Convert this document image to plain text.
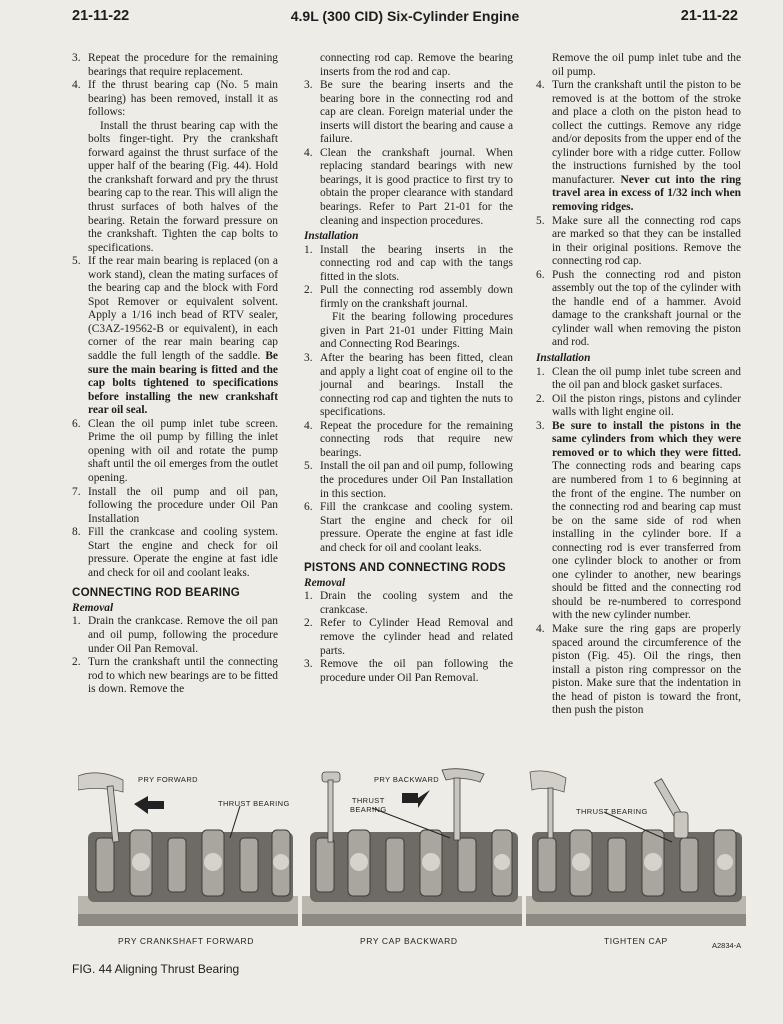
21-11-22	4.9L (300 CID) Six-Cylinder Engine	21-11-22

3. Repeat the procedure for the remaining bearings that require replacement.

4. If the thrust bearing cap (No. 5 main bearing) has been removed, install it as follows:

Install the thrust bearing cap with the bolts finger-tight. Pry the crankshaft forward against the thrust surface of the upper half of the bearing (Fig. 44). Hold the crankshaft forward and pry the thrust bearing cap to the rear. This will align the thrust surfaces of both halves of the bearing. Retain the forward pressure on the crankshaft. Tighten the cap bolts to specifications.

5. If the rear main bearing is replaced (on a work stand), clean the mating surfaces of the bearing cap and the block with Ford Spot Remover or equivalent solvent. Apply a 1/16 inch bead of RTV sealer, (C3AZ-19562-B or equivalent), in each corner of the rear main bearing cap saddle the full length of the saddle. Be sure the main bearing is fitted and the cap bolts tightened to specifications before installing the new crankshaft rear oil seal.

6. Clean the oil pump inlet tube screen. Prime the oil pump by filling the inlet opening with oil and rotate the pump shaft until the oil emerges from the outlet opening.

7. Install the oil pump and oil pan, following the procedure under Oil Pan Installation

8. Fill the crankcase and cooling system. Start the engine and check for oil pressure. Operate the engine at fast idle and check for oil and coolant leaks.

CONNECTING ROD BEARING

Removal

1. Drain the crankcase. Remove the oil pan and oil pump, following the procedure under Oil Pan Removal.

2. Turn the crankshaft until the connecting rod to which new bearings are to be fitted is down. Remove the

connecting rod cap. Remove the bearing inserts from the rod and cap.

3. Be sure the bearing inserts and the bearing bore in the connecting rod and cap are clean. Foreign material under the inserts will distort the bearing and cause a failure.

4. Clean the crankshaft journal. When replacing standard bearings with new bearings, it is good practice to first try to obtain the proper clearance with standard bearings. Refer to Part 21-01 for the cleaning and inspection procedures.

Installation

1. Install the bearing inserts in the connecting rod and cap with the tangs fitted in the slots.

2. Pull the connecting rod assembly down firmly on the crankshaft journal.

Fit the bearing following procedures given in Part 21-01 under Fitting Main and Connecting Rod Bearings.

3. After the bearing has been fitted, clean and apply a light coat of engine oil to the journal and bearings. Install the connecting rod cap and tighten the nuts to specifications.

4. Repeat the procedure for the remaining connecting rods that require new bearings.

5. Install the oil pan and oil pump, following the procedures under Oil Pan Installation in this section.

6. Fill the crankcase and cooling system. Start the engine and check for oil pressure. Operate the engine at fast idle and check for oil and coolant leaks.

PISTONS AND CONNECTING RODS

Removal

1. Drain the cooling system and the crankcase.

2. Refer to Cylinder Head Removal and remove the cylinder head and related parts.

3. Remove the oil pan following the procedure under Oil Pan Removal.

Remove the oil pump inlet tube and the oil pump.

4. Turn the crankshaft until the piston to be removed is at the bottom of the stroke and place a cloth on the piston head to collect the cuttings. Remove any ridge and/or deposits from the upper end of the cylinder bore with a ridge cutter. Follow the instructions furnished by the tool manufacturer. Never cut into the ring travel area in excess of 1/32 inch when removing ridges.

5. Make sure all the connecting rod caps are marked so that they can be installed in their original positions. Remove the connecting rod cap.

6. Push the connecting rod and piston assembly out the top of the cylinder with the handle end of a hammer. Avoid damage to the crankshaft journal or the cylinder wall when removing the piston and rod.

Installation

1. Clean the oil pump inlet tube screen and the oil pan and block gasket surfaces.

2. Oil the piston rings, pistons and cylinder walls with light engine oil.

3. Be sure to install the pistons in the same cylinders from which they were removed or to which they were fitted. The connecting rods and bearing caps are numbered from 1 to 6 beginning at the front of the engine. The number on the connecting rod and bearing cap must be on the same side of rod when installing in the cylinder bore. If a connecting rod is ever transferred from one cylinder block to another or from one cylinder to another, new bearings should be fitted and the connecting rod should be re-numbered to correspond with the new cylinder number.

4. Make sure the ring gaps are properly spaced around the circumference of the piston (Fig. 45). Oil the rings, then install a piston ring compressor on the piston. Make sure that the indentation in the head of piston is toward the front, then push the piston

PRY FORWARD
THRUST BEARING
PRY BACKWARD
THRUST
BEARING	THRUST BEARING
PRY CRANKSHAFT FORWARD	PRY CAP BACKWARD	TIGHTEN CAP	A2834-A
FIG. 44 Aligning Thrust Bearing
